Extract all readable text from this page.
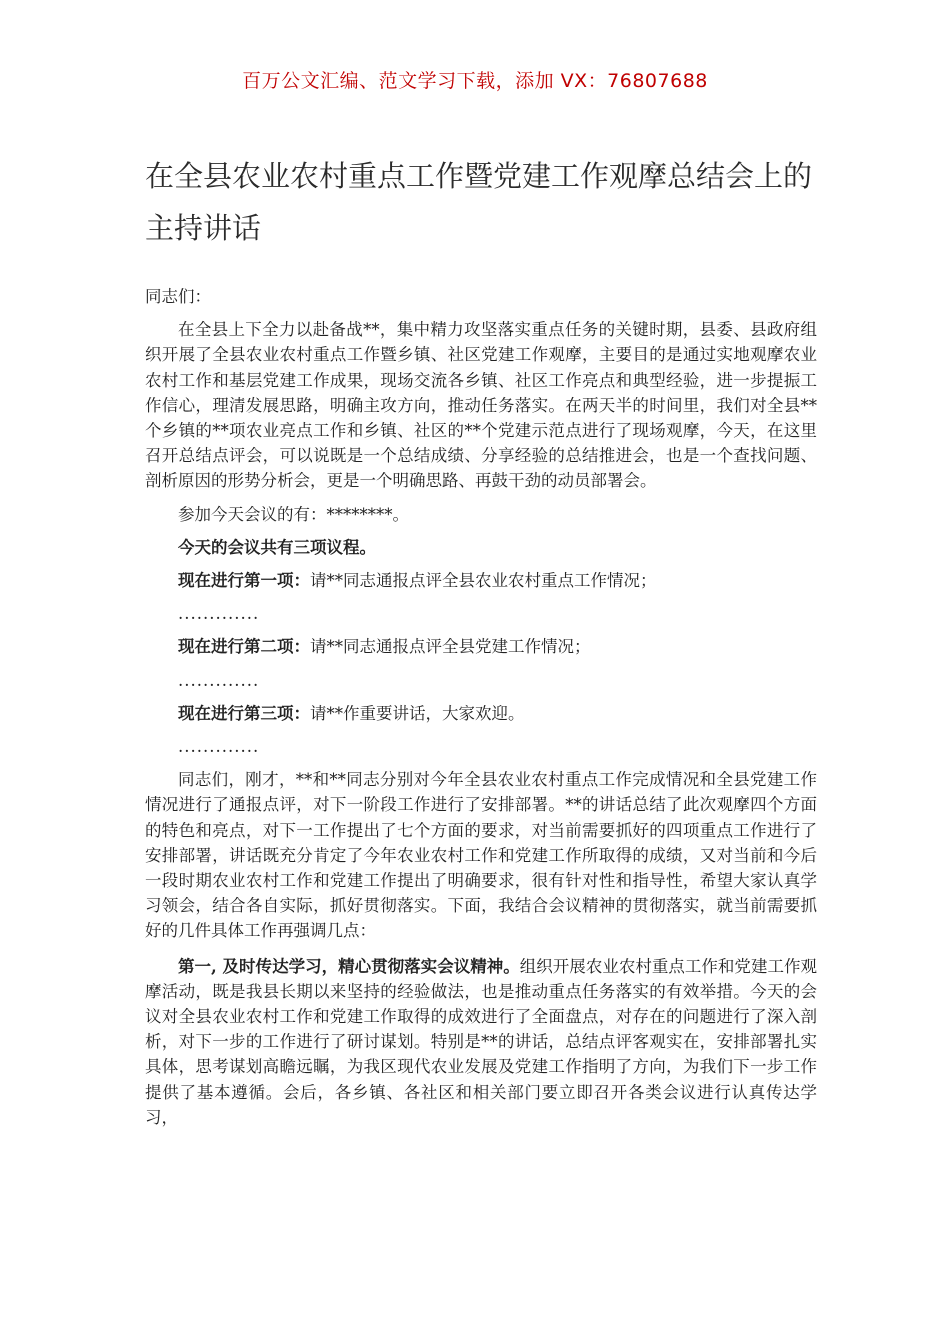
百万公文汇编、范文学习下载，添加 VX：76807688
在全县农业农村重点工作暨党建工作观摩总结会上的主持讲话

同志们：

在全县上下全力以赴备战**，集中精力攻坚落实重点任务的关键时期，县委、县政府组织开展了全县农业农村重点工作暨乡镇、社区党建工作观摩，主要目的是通过实地观摩农业农村工作和基层党建工作成果，现场交流各乡镇、社区工作亮点和典型经验，进一步提振工作信心，理清发展思路，明确主攻方向，推动任务落实。在两天半的时间里，我们对全县**个乡镇的**项农业亮点工作和乡镇、社区的**个党建示范点进行了现场观摩，今天，在这里召开总结点评会，可以说既是一个总结成绩、分享经验的总结推进会，也是一个查找问题、剖析原因的形势分析会，更是一个明确思路、再鼓干劲的动员部署会。

参加今天会议的有：********。

今天的会议共有三项议程。

现在进行第一项：请**同志通报点评全县农业农村重点工作情况；

.............

现在进行第二项：请**同志通报点评全县党建工作情况；

.............

现在进行第三项：请**作重要讲话，大家欢迎。

.............

同志们，刚才，**和**同志分别对今年全县农业农村重点工作完成情况和全县党建工作情况进行了通报点评，对下一阶段工作进行了安排部署。**的讲话总结了此次观摩四个方面的特色和亮点，对下一工作提出了七个方面的要求，对当前需要抓好的四项重点工作进行了安排部署，讲话既充分肯定了今年农业农村工作和党建工作所取得的成绩，又对当前和今后一段时期农业农村工作和党建工作提出了明确要求，很有针对性和指导性，希望大家认真学习领会，结合各自实际，抓好贯彻落实。下面，我结合会议精神的贯彻落实，就当前需要抓好的几件具体工作再强调几点：

第一, 及时传达学习，精心贯彻落实会议精神。组织开展农业农村重点工作和党建工作观摩活动，既是我县长期以来坚持的经验做法，也是推动重点任务落实的有效举措。今天的会议对全县农业农村工作和党建工作取得的成效进行了全面盘点，对存在的问题进行了深入剖析，对下一步的工作进行了研讨谋划。特别是**的讲话，总结点评客观实在，安排部署扎实具体，思考谋划高瞻远瞩，为我区现代农业发展及党建工作指明了方向，为我们下一步工作提供了基本遵循。会后，各乡镇、各社区和相关部门要立即召开各类会议进行认真传达学习，
